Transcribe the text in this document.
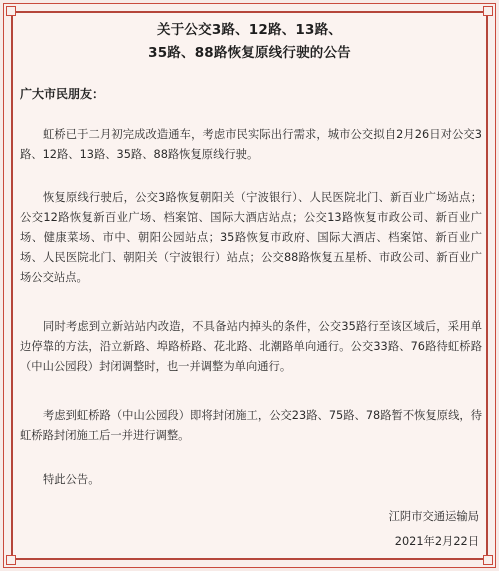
关于公交3路、12路、13路、
35路、88路恢复原线行驶的公告
广大市民朋友：
虹桥已于二月初完成改造通车，考虑市民实际出行需求，城市公交拟自2月26日对公交3路、12路、13路、35路、88路恢复原线行驶。
恢复原线行驶后，公交3路恢复朝阳关（宁波银行）、人民医院北门、新百业广场站点；公交12路恢复新百业广场、档案馆、国际大酒店站点；公交13路恢复市政公司、新百业广场、健康菜场、市中、朝阳公园站点；35路恢复市政府、国际大酒店、档案馆、新百业广场、人民医院北门、朝阳关（宁波银行）站点；公交88路恢复五星桥、市政公司、新百业广场公交站点。
同时考虑到立新站站内改造，不具备站内掉头的条件，公交35路行至该区域后，采用单边停靠的方法，沿立新路、埠路桥路、花北路、北潮路单向通行。公交33路、76路待虹桥路（中山公园段）封闭调整时，也一并调整为单向通行。
考虑到虹桥路（中山公园段）即将封闭施工，公交23路、75路、78路暂不恢复原线，待虹桥路封闭施工后一并进行调整。
特此公告。
江阴市交通运输局
2021年2月22日
